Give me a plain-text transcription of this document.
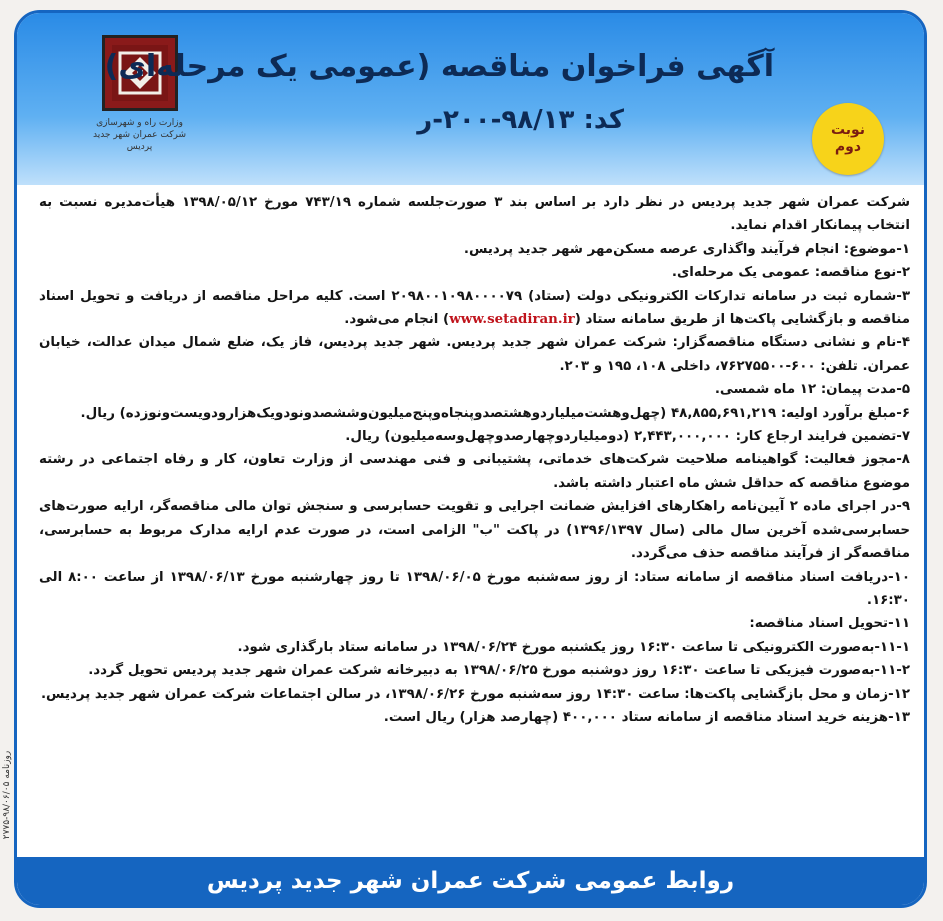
وزارت راه و شهرسازی
شرکت عمران شهر جدید پردیس
آگهی فراخوان مناقصه (عمومی یک مرحله‌ای)
کد: ۹۸/۱۳-۲۰۰-ر	نوبت
دوم

شرکت عمران شهر جدید پردیس در نظر دارد بر اساس بند ۳ صورت‌جلسه شماره ۷۴۳/۱۹ مورخ ۱۳۹۸/۰۵/۱۲ هیأت‌مدیره نسبت به انتخاب پیمانکار اقدام نماید.

۱-موضوع: انجام فرآیند واگذاری عرصه مسکن‌مهر شهر جدید پردیس.

۲-نوع مناقصه: عمومی یک مرحله‌ای.

۳-شماره ثبت در سامانه تدارکات الکترونیکی دولت (ستاد) ۲۰۹۸۰۰۱۰۹۸۰۰۰۰۷۹ است. کلیه مراحل مناقصه از دریافت و تحویل اسناد مناقصه و بازگشایی پاکت‌ها از طریق سامانه ستاد (www.setadiran.ir) انجام می‌شود.

۴-نام و نشانی دستگاه مناقصه‌گزار: شرکت عمران شهر جدید پردیس. شهر جدید پردیس، فاز یک، ضلع شمال میدان عدالت، خیابان عمران. تلفن: ۶۰۰-۷۶۲۷۵۵۰۰، داخلی ۱۰۸، ۱۹۵ و ۲۰۳.

۵-مدت پیمان: ۱۲ ماه شمسی.

۶-مبلغ برآورد اولیه: ۴۸,۸۵۵,۶۹۱,۲۱۹ (چهل‌وهشت‌میلیارد‌و‌هشتصدوپنجاه‌وپنج‌میلیون‌و‌ششصدونودویک‌هزار‌و‌دویست‌ونوزده) ریال.

۷-تضمین فرایند ارجاع کار: ۲,۴۴۳,۰۰۰,۰۰۰ (دومیلیاردوچهارصدوچهل‌وسه‌میلیون) ریال.

۸-مجوز فعالیت: گواهینامه صلاحیت شرکت‌های خدماتی، پشتیبانی و فنی مهندسی از وزارت تعاون، کار و رفاه اجتماعی در رشته موضوع مناقصه که حداقل شش ماه اعتبار داشته باشد.

۹-در اجرای ماده ۲ آیین‌نامه راهکارهای افزایش ضمانت اجرایی و تقویت حسابرسی و سنجش توان مالی مناقصه‌گر، ارایه صورت‌های حسابرسی‌شده آخرین سال مالی (سال ۱۳۹۶/۱۳۹۷) در پاکت "ب" الزامی است، در صورت عدم ارایه مدارک مربوط به حسابرسی، مناقصه‌گر از فرآیند مناقصه حذف می‌گردد.

۱۰-دریافت اسناد مناقصه از سامانه ستاد: از روز سه‌شنبه مورخ ۱۳۹۸/۰۶/۰۵ تا روز چهارشنبه مورخ ۱۳۹۸/۰۶/۱۳ از ساعت ۸:۰۰ الی ۱۶:۳۰.

۱۱-تحویل اسناد مناقصه:

۱۱-۱-به‌صورت الکترونیکی تا ساعت ۱۶:۳۰ روز یکشنبه مورخ ۱۳۹۸/۰۶/۲۴ در سامانه ستاد بارگذاری شود.

۱۱-۲-به‌صورت فیزیکی تا ساعت ۱۶:۳۰ روز دوشنبه مورخ ۱۳۹۸/۰۶/۲۵ به دبیرخانه شرکت عمران شهر جدید پردیس تحویل گردد.

۱۲-زمان و محل بازگشایی پاکت‌ها: ساعت ۱۴:۳۰ روز سه‌شنبه مورخ ۱۳۹۸/۰۶/۲۶، در سالن اجتماعات شرکت عمران شهر جدید پردیس.

۱۳-هزینه خرید اسناد مناقصه از سامانه ستاد ۴۰۰,۰۰۰ (چهارصد هزار) ریال است.

روابط عمومی شرکت عمران شهر جدید پردیس
روزنامه ۹۸/۰۶/۰۵-۲۷۷۵
